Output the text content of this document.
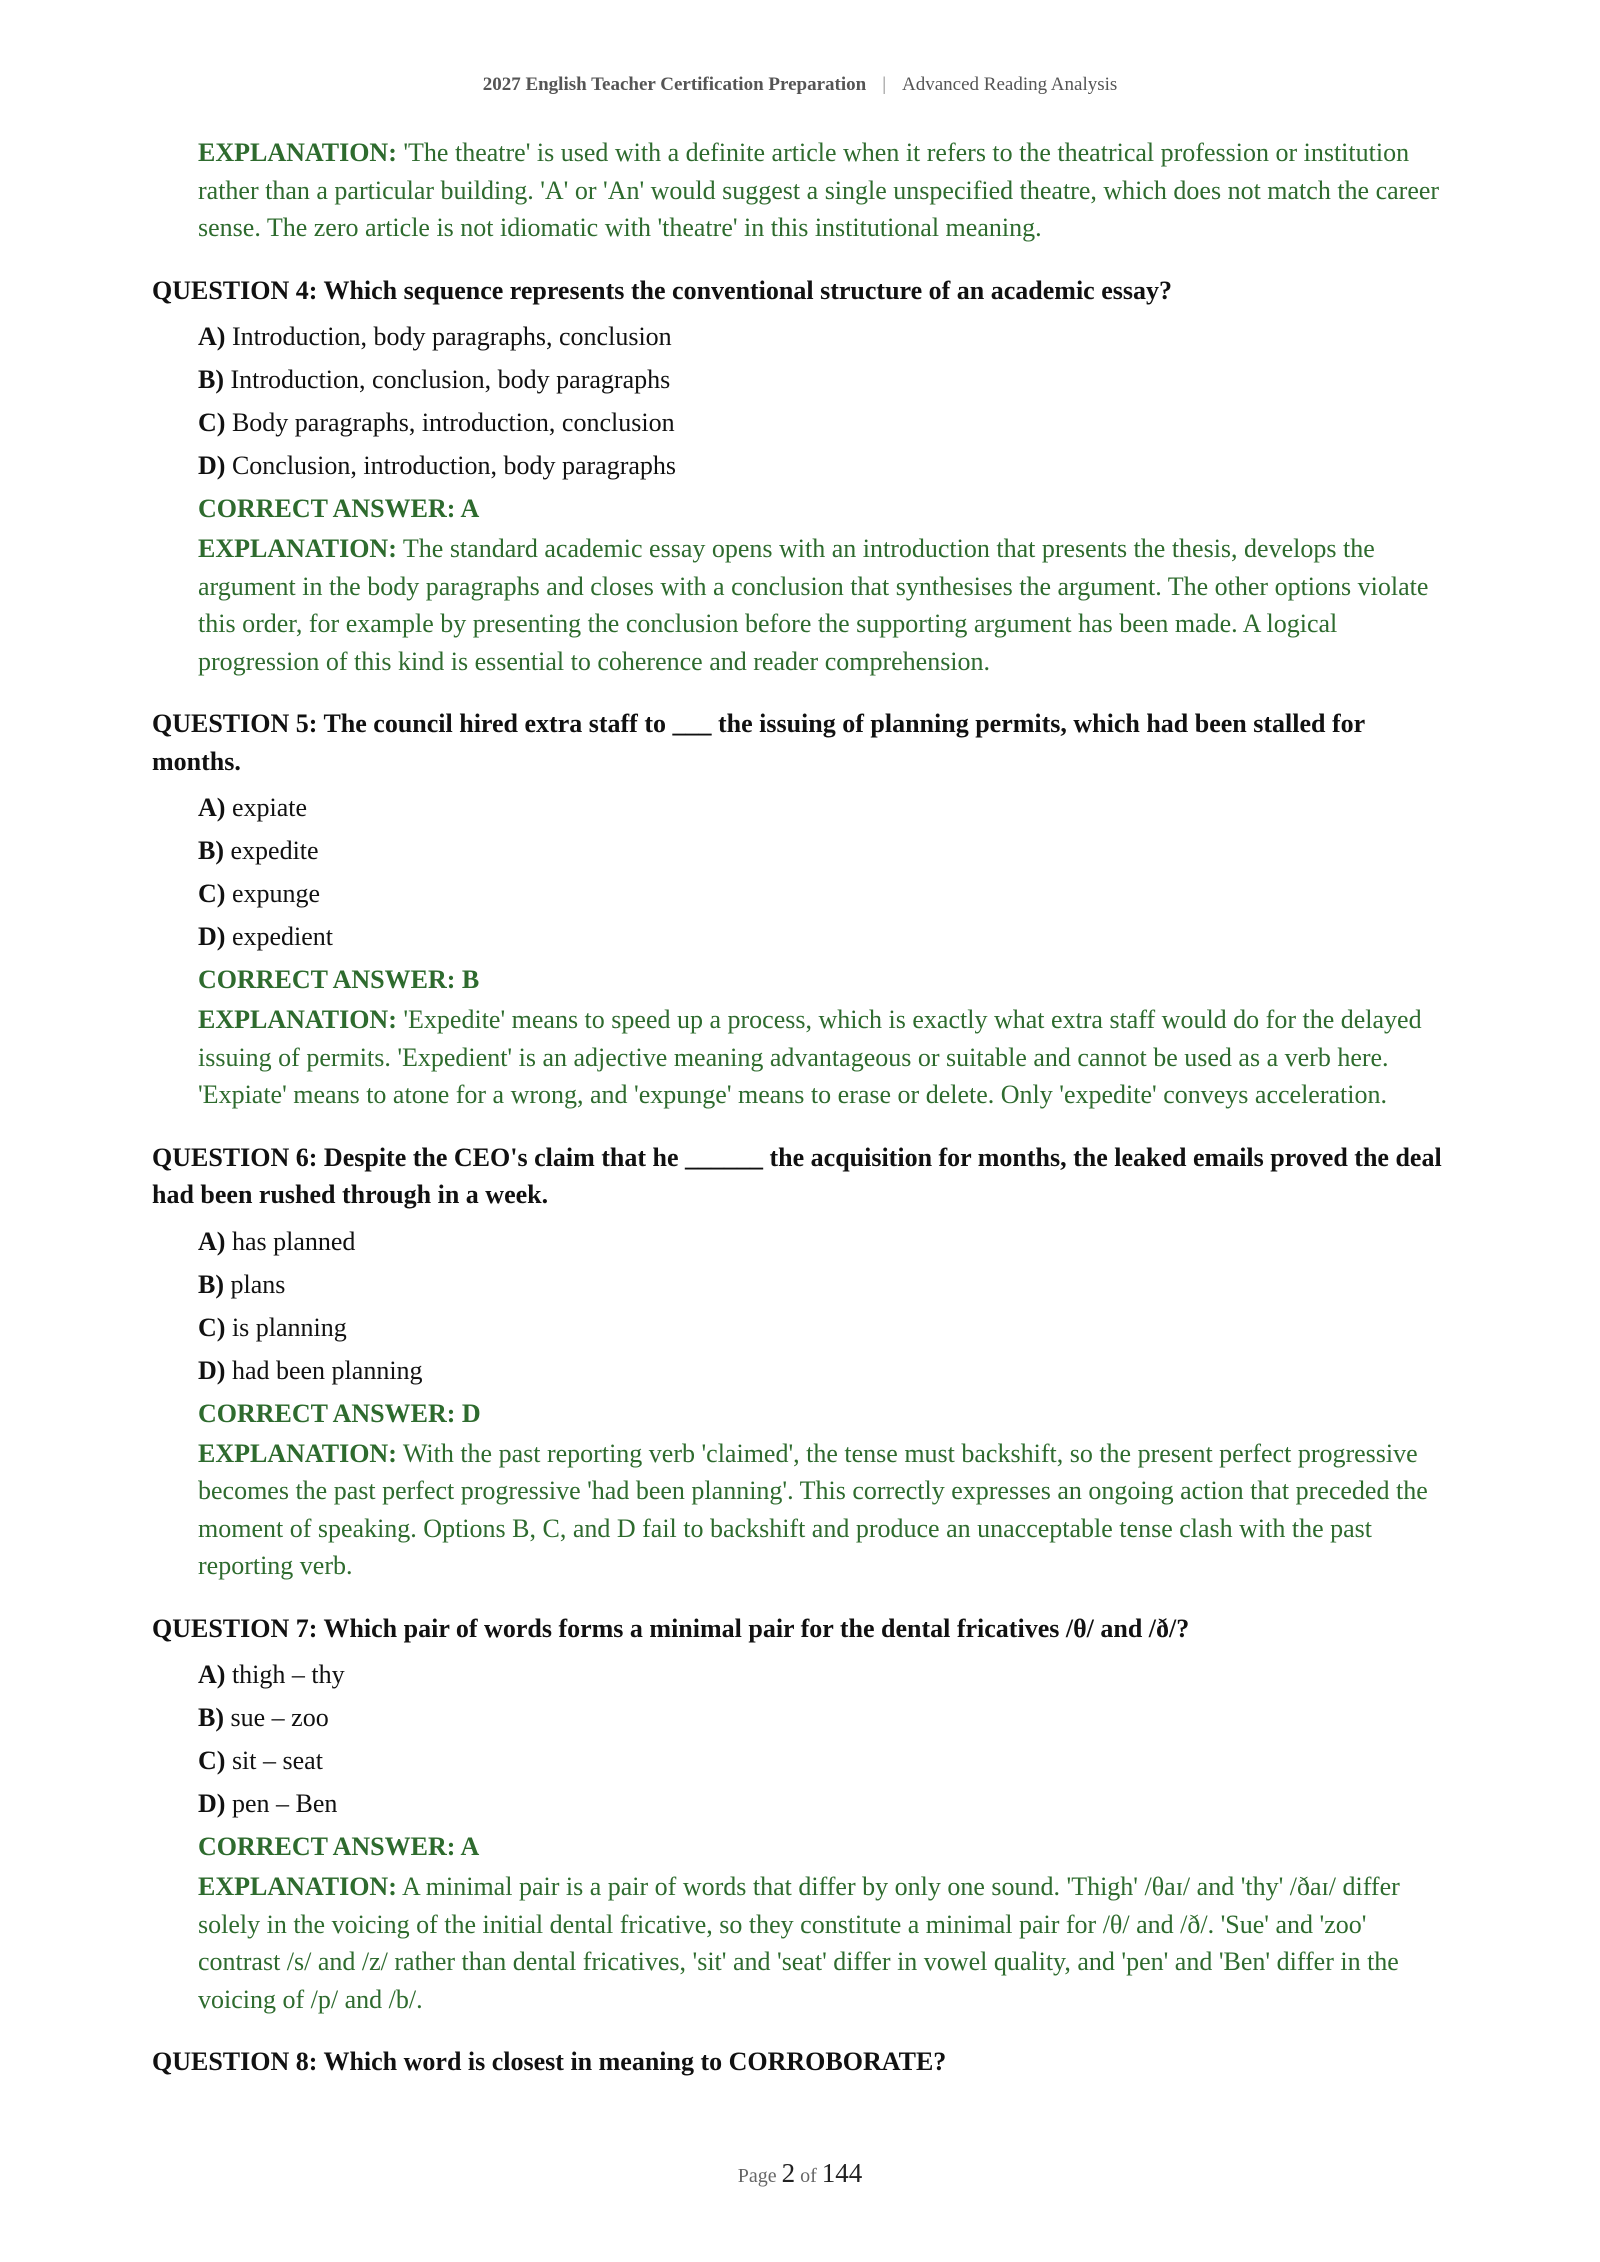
2027 English Teacher Certification Preparation | Advanced Reading Analysis

EXPLANATION: 'The theatre' is used with a definite article when it refers to the theatrical profession or institution rather than a particular building. 'A' or 'An' would suggest a single unspecified theatre, which does not match the career sense. The zero article is not idiomatic with 'theatre' in this institutional meaning.

QUESTION 4: Which sequence represents the conventional structure of an academic essay?

A) Introduction, body paragraphs, conclusion
B) Introduction, conclusion, body paragraphs
C) Body paragraphs, introduction, conclusion
D) Conclusion, introduction, body paragraphs
CORRECT ANSWER: A

EXPLANATION: The standard academic essay opens with an introduction that presents the thesis, develops the argument in the body paragraphs and closes with a conclusion that synthesises the argument. The other options violate this order, for example by presenting the conclusion before the supporting argument has been made. A logical progression of this kind is essential to coherence and reader comprehension.

QUESTION 5: The council hired extra staff to ___ the issuing of planning permits, which had been stalled for months.

A) expiate
B) expedite
C) expunge
D) expedient
CORRECT ANSWER: B

EXPLANATION: 'Expedite' means to speed up a process, which is exactly what extra staff would do for the delayed issuing of permits. 'Expedient' is an adjective meaning advantageous or suitable and cannot be used as a verb here. 'Expiate' means to atone for a wrong, and 'expunge' means to erase or delete. Only 'expedite' conveys acceleration.

QUESTION 6: Despite the CEO's claim that he ______ the acquisition for months, the leaked emails proved the deal had been rushed through in a week.

A) has planned
B) plans
C) is planning
D) had been planning
CORRECT ANSWER: D

EXPLANATION: With the past reporting verb 'claimed', the tense must backshift, so the present perfect progressive becomes the past perfect progressive 'had been planning'. This correctly expresses an ongoing action that preceded the moment of speaking. Options B, C, and D fail to backshift and produce an unacceptable tense clash with the past reporting verb.

QUESTION 7: Which pair of words forms a minimal pair for the dental fricatives /θ/ and /ð/?

A) thigh – thy
B) sue – zoo
C) sit – seat
D) pen – Ben
CORRECT ANSWER: A

EXPLANATION: A minimal pair is a pair of words that differ by only one sound. 'Thigh' /θaɪ/ and 'thy' /ðaɪ/ differ solely in the voicing of the initial dental fricative, so they constitute a minimal pair for /θ/ and /ð/. 'Sue' and 'zoo' contrast /s/ and /z/ rather than dental fricatives, 'sit' and 'seat' differ in vowel quality, and 'pen' and 'Ben' differ in the voicing of /p/ and /b/.

QUESTION 8: Which word is closest in meaning to CORROBORATE?

Page 2 of 144
